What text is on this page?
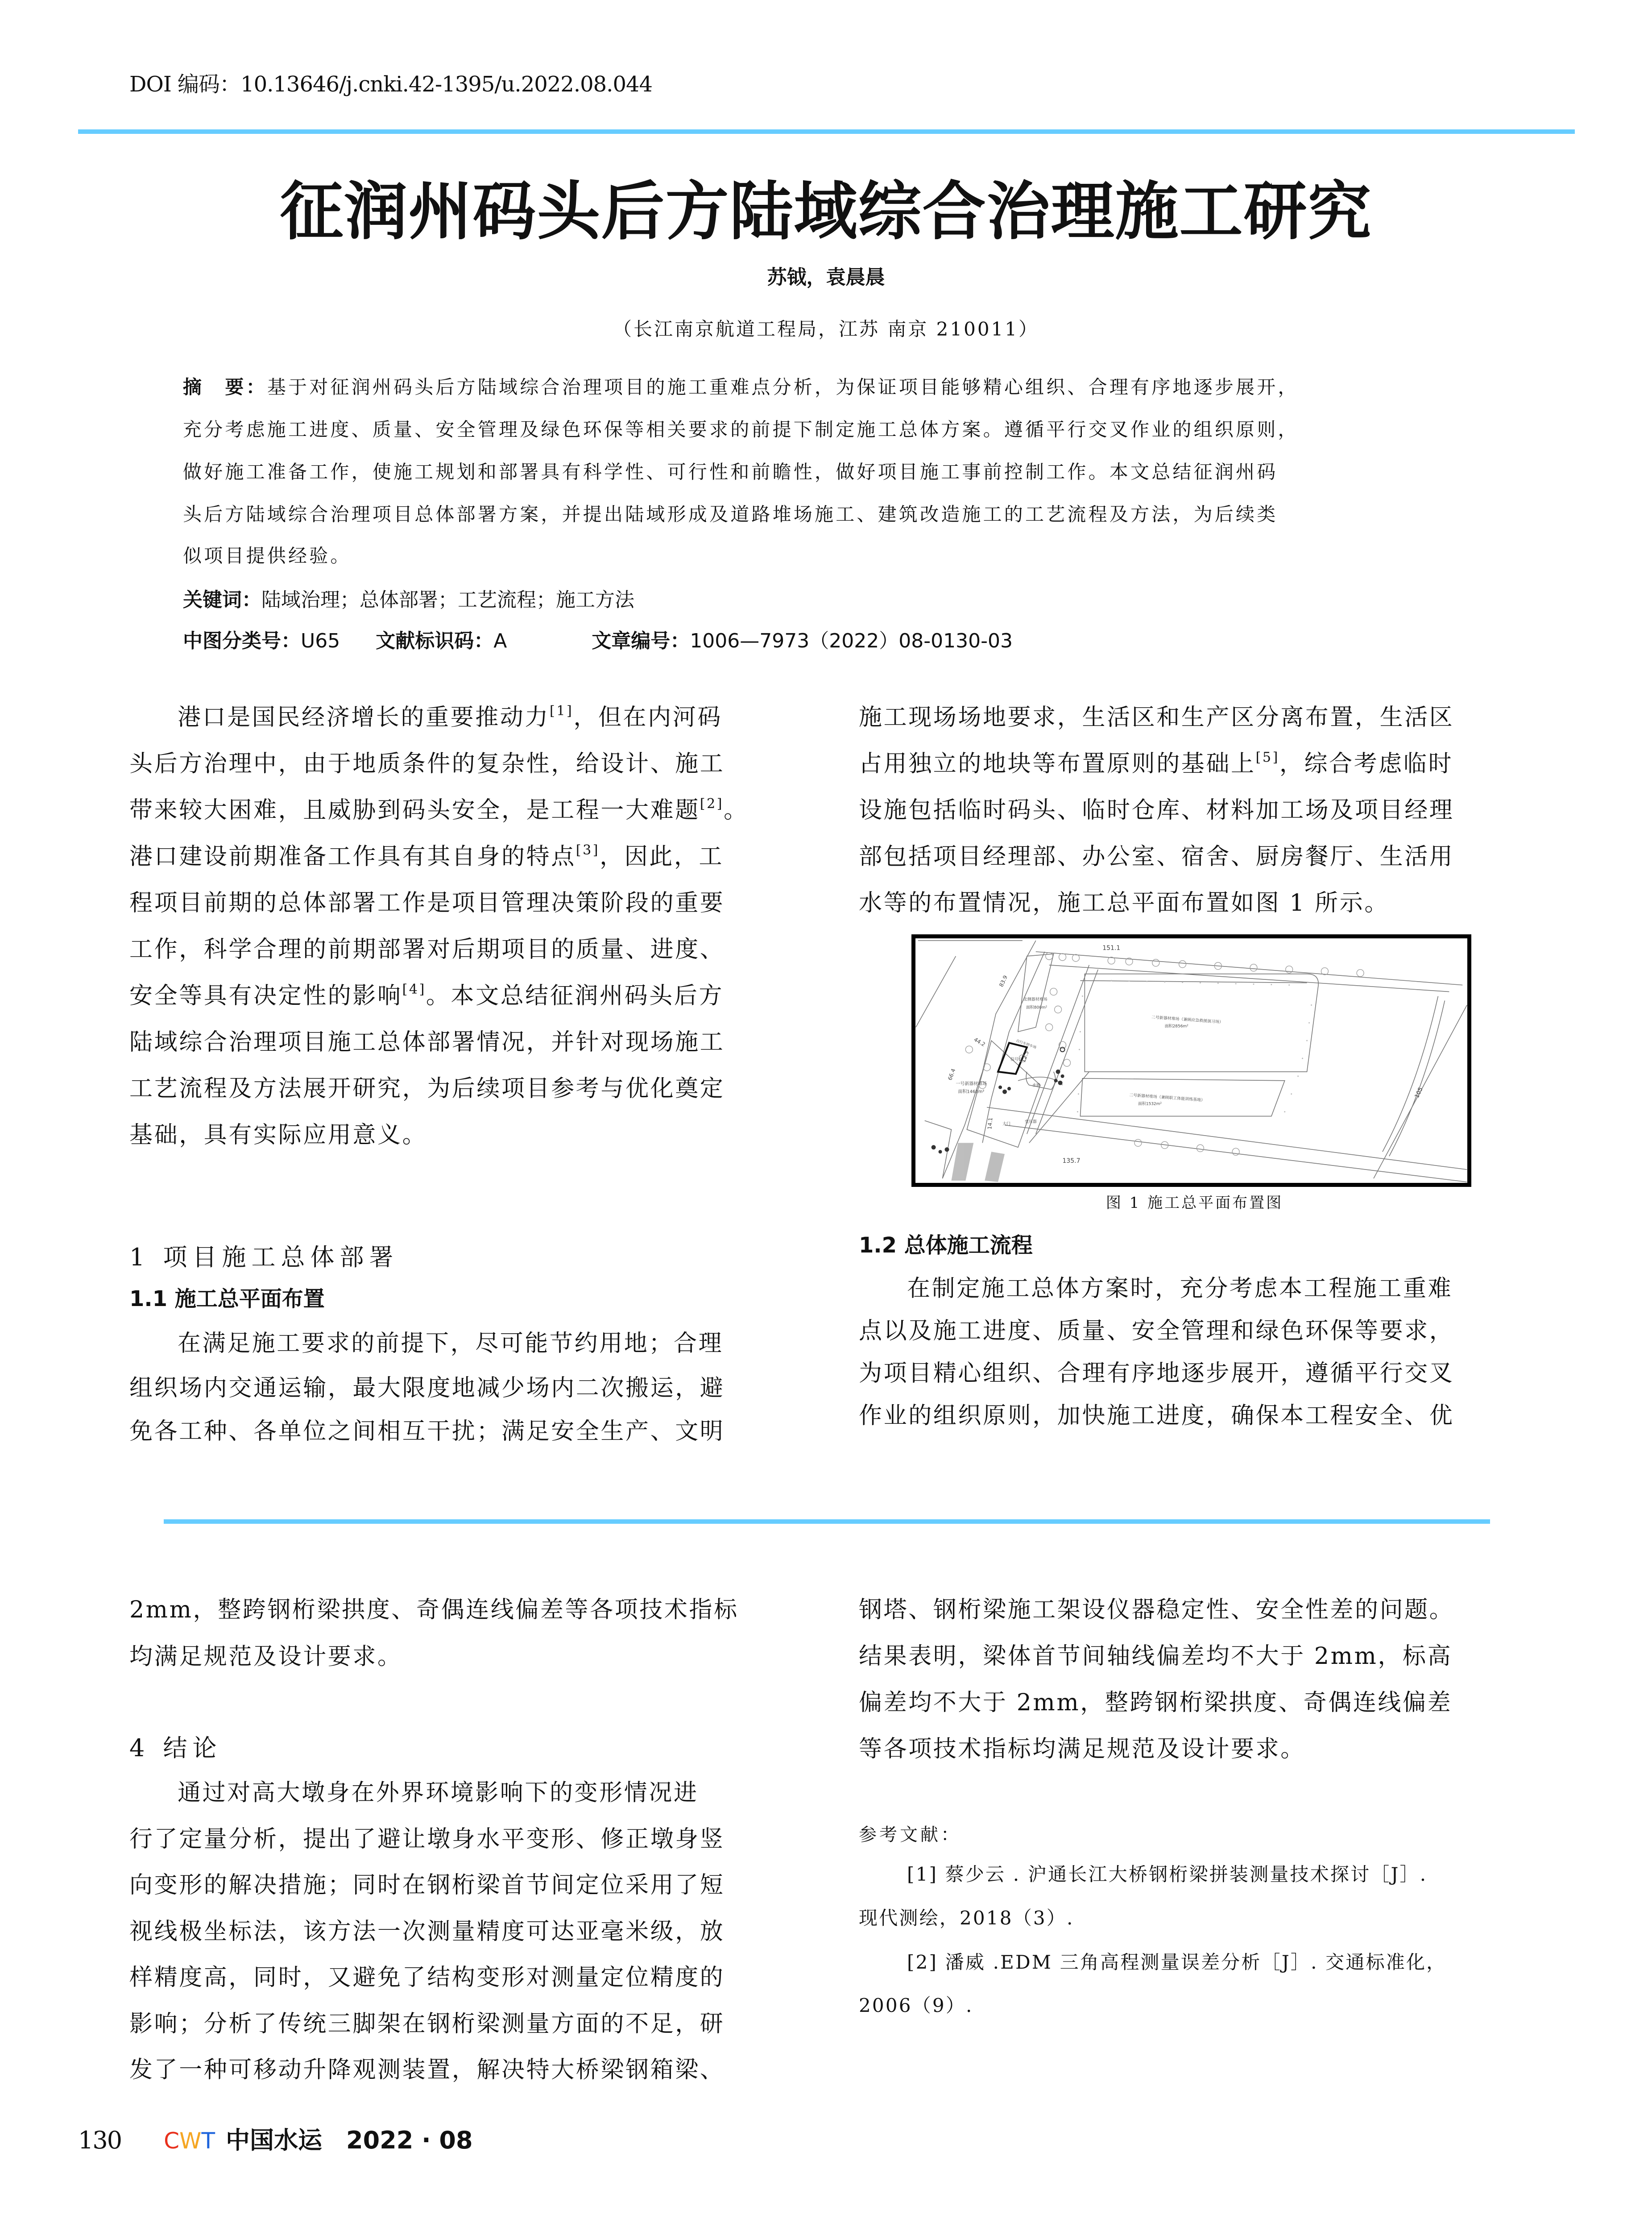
DOI 编码：10.13646/j.cnki.42-1395/u.2022.08.044
征润州码头后方陆域综合治理施工研究
苏钺，袁晨晨
（长江南京航道工程局，江苏 南京 210011）
摘　要：基于对征润州码头后方陆域综合治理项目的施工重难点分析，为保证项目能够精心组织、合理有序地逐步展开，
充分考虑施工进度、质量、安全管理及绿色环保等相关要求的前提下制定施工总体方案。遵循平行交叉作业的组织原则，
做好施工准备工作，使施工规划和部署具有科学性、可行性和前瞻性，做好项目施工事前控制工作。本文总结征润州码
头后方陆域综合治理项目总体部署方案，并提出陆域形成及道路堆场施工、建筑改造施工的工艺流程及方法，为后续类
似项目提供经验。
关键词：陆域治理；总体部署；工艺流程；施工方法
中图分类号：U65 文献标识码：A	文章编号：1006—7973（2022）08-0130-03
港口是国民经济增长的重要推动力[1]，但在内河码
头后方治理中，由于地质条件的复杂性，给设计、施工
带来较大困难，且威胁到码头安全，是工程一大难题[2]。
港口建设前期准备工作具有其自身的特点[3]，因此，工
程项目前期的总体部署工作是项目管理决策阶段的重要
工作，科学合理的前期部署对后期项目的质量、进度、
安全等具有决定性的影响[4]。本文总结征润州码头后方
陆域综合治理项目施工总体部署情况，并针对现场施工
工艺流程及方法展开研究，为后续项目参考与优化奠定
基础，具有实际应用意义。
1 项目施工总体部署
1.1 施工总平面布置
在满足施工要求的前提下，尽可能节约用地；合理
组织场内交通运输，最大限度地减少场内二次搬运，避
免各工种、各单位之间相互干扰；满足安全生产、文明
施工现场场地要求，生活区和生产区分离布置，生活区
占用独立的地块等布置原则的基础上[5]，综合考虑临时
设施包括临时码头、临时仓库、材料加工场及项目经理
部包括项目经理部、办公室、宿舍、厨房餐厅、生活用
水等的布置情况，施工总平面布置如图 1 所示。
151.1
135.7
105
83.9
44.2
66.4
12.5
14.1
一号新器材堆场
面积1461m²
北侧器材堆场
面积800m²
二号新器材堆场（兼顾应急救援演习场）
面积2856m²
二号新器材堆场（兼顾职工体能训练基地）
面积1532m²
信号台
水塘
变压器
大门
自行车停车场
图 1 施工总平面布置图
1.2 总体施工流程
在制定施工总体方案时，充分考虑本工程施工重难
点以及施工进度、质量、安全管理和绿色环保等要求，
为项目精心组织、合理有序地逐步展开，遵循平行交叉
作业的组织原则，加快施工进度，确保本工程安全、优
2mm，整跨钢桁梁拱度、奇偶连线偏差等各项技术指标
均满足规范及设计要求。
4 结论
通过对高大墩身在外界环境影响下的变形情况进
行了定量分析，提出了避让墩身水平变形、修正墩身竖
向变形的解决措施；同时在钢桁梁首节间定位采用了短
视线极坐标法，该方法一次测量精度可达亚毫米级，放
样精度高，同时，又避免了结构变形对测量定位精度的
影响；分析了传统三脚架在钢桁梁测量方面的不足，研
发了一种可移动升降观测装置，解决特大桥梁钢箱梁、
钢塔、钢桁梁施工架设仪器稳定性、安全性差的问题。
结果表明，梁体首节间轴线偏差均不大于 2mm，标高
偏差均不大于 2mm，整跨钢桁梁拱度、奇偶连线偏差
等各项技术指标均满足规范及设计要求。
参考文献：
[1] 蔡少云 . 沪通长江大桥钢桁梁拼装测量技术探讨［J］.
现代测绘，2018（3）.
[2] 潘威 .EDM 三角高程测量误差分析［J］. 交通标准化，
2006（9）.
130 CWT 中国水运 2022 · 08
